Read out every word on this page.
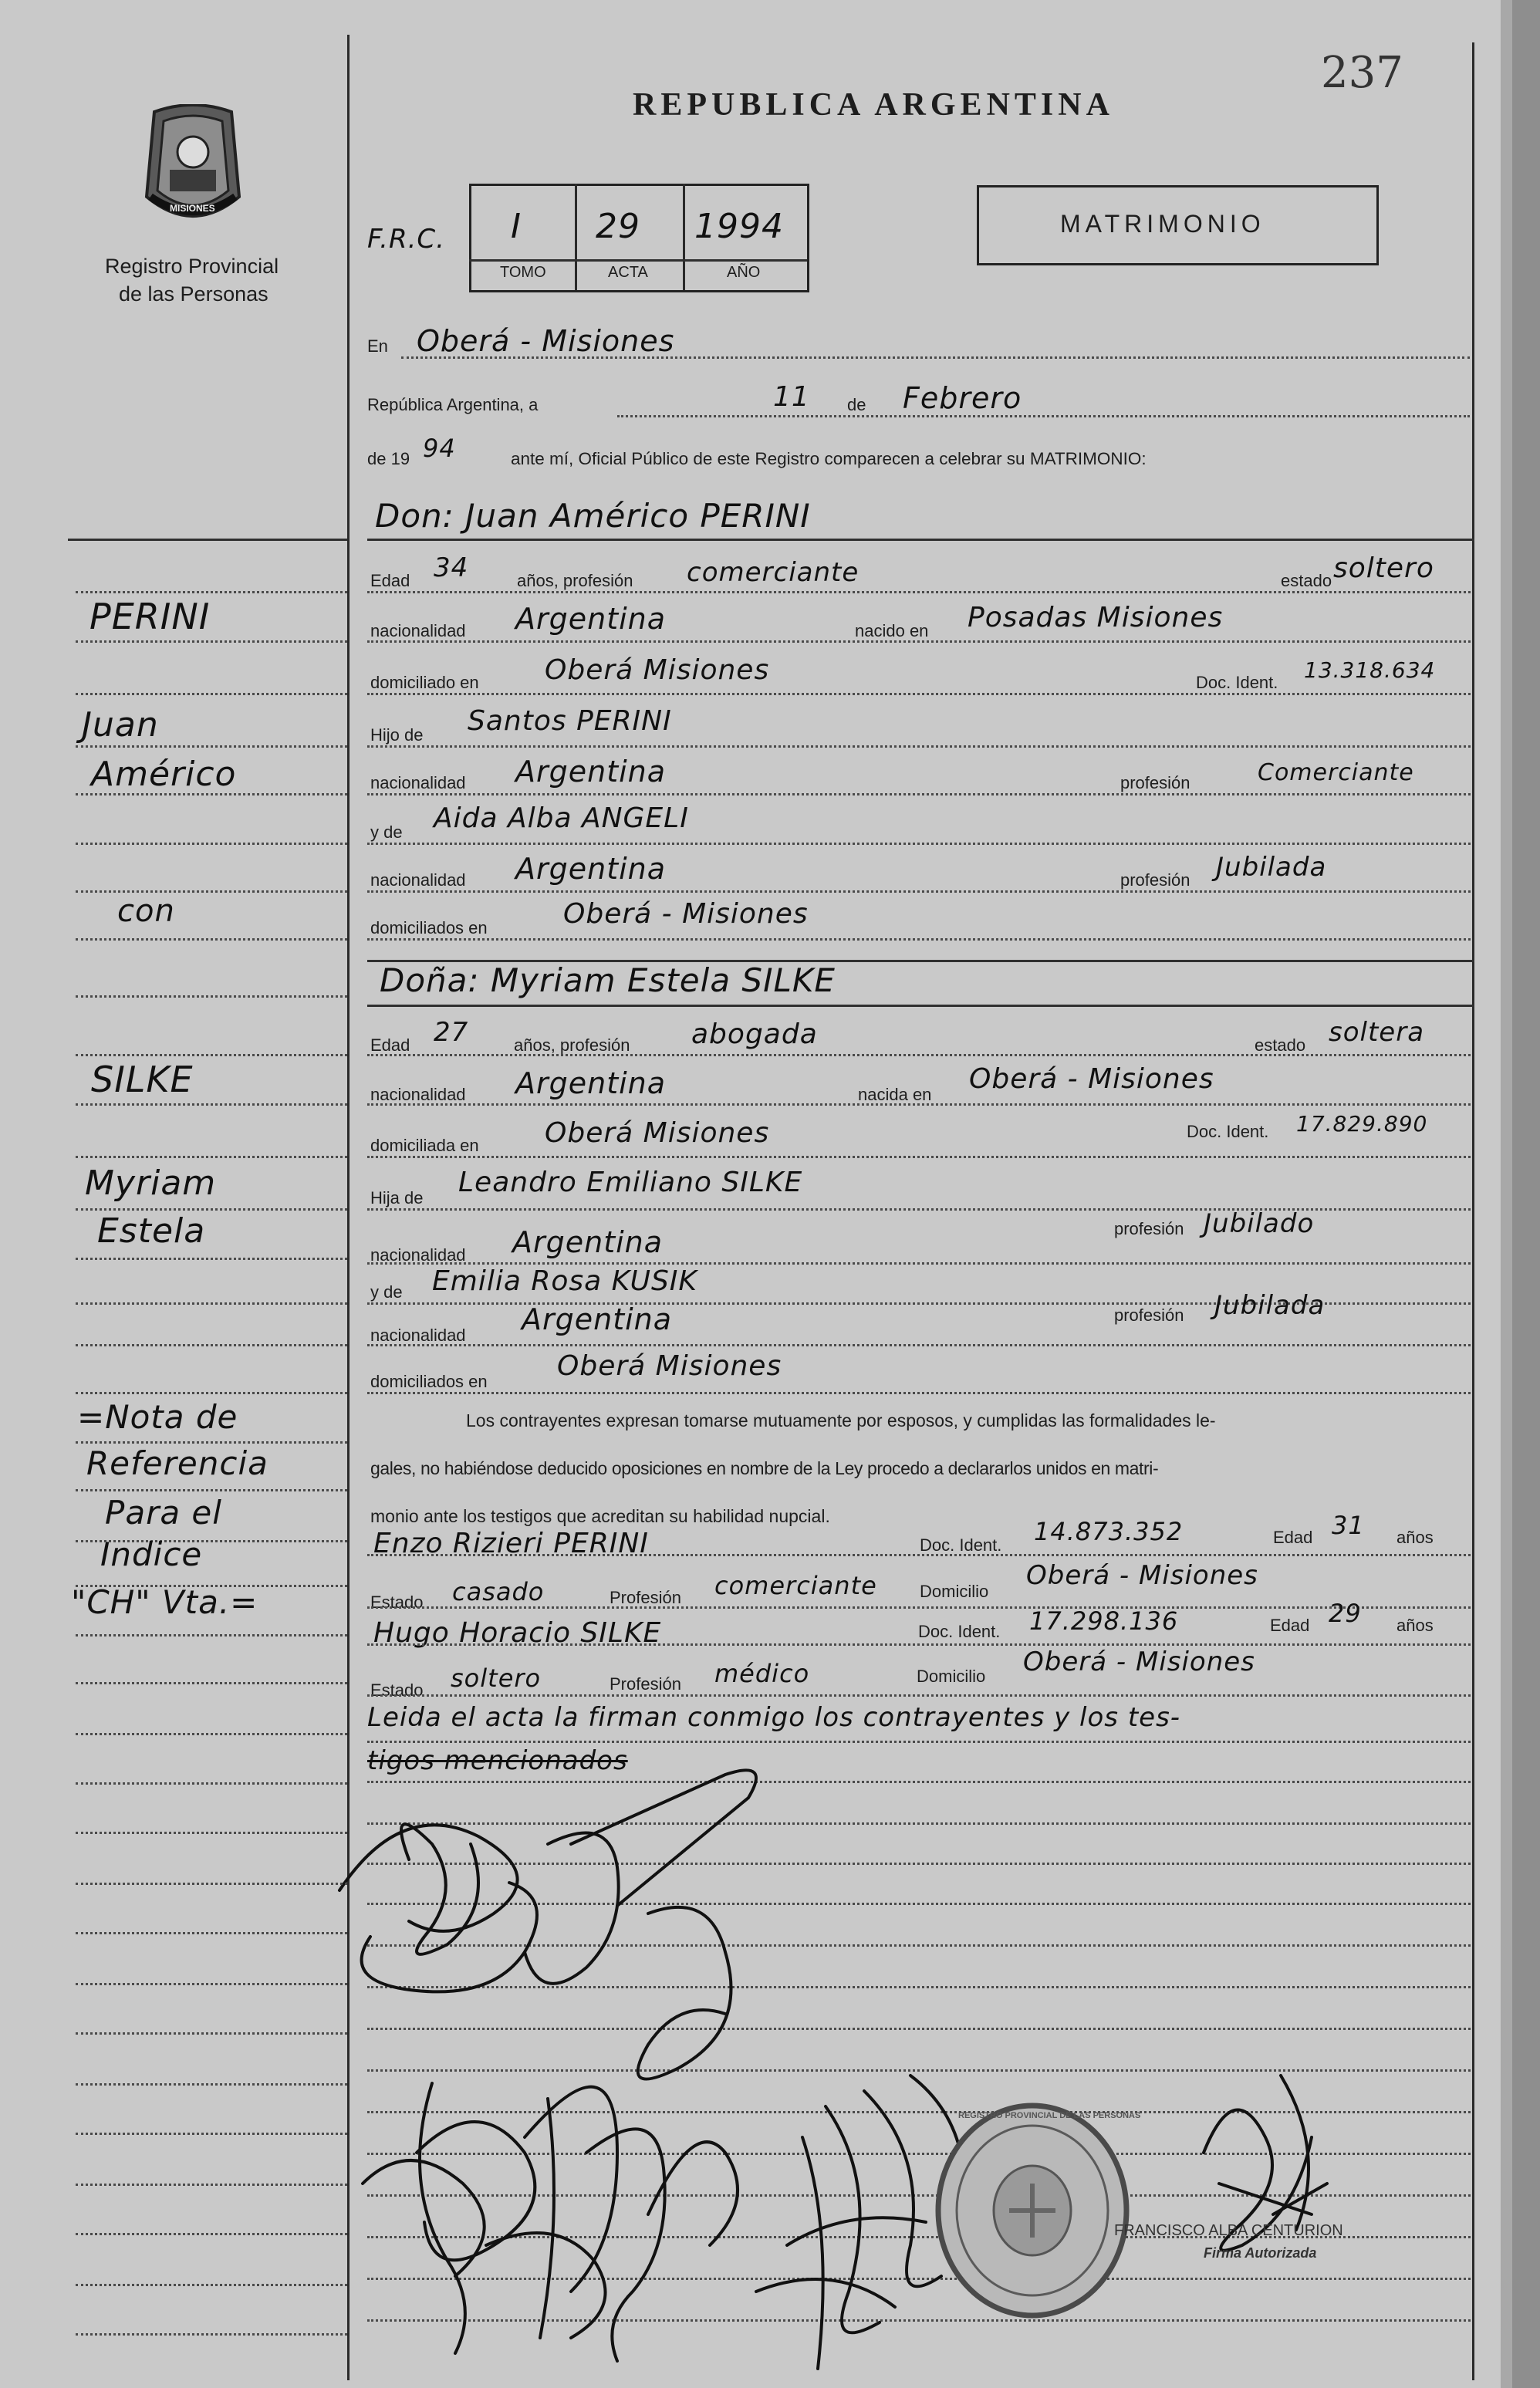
237
REPUBLICA ARGENTINA
MISIONES
Registro Provincial
de las Personas
F.R.C. I 29 1994
TOMO	ACTA	AÑO
MATRIMONIO
En Oberá - Misiones
República Argentina, a	11 de Febrero
de 19 94	ante mí, Oficial Público de este Registro comparecen a celebrar su MATRIMONIO:
Don: Juan Américo PERINI
Edad 34	años, profesión comerciante	estado soltero
nacionalidad Argentina	nacido en Posadas Misiones
domiciliado en Oberá Misiones	Doc. Ident. 13.318.634
Hijo de Santos PERINI
nacionalidad Argentina	profesión	Comerciante
y de Aida Alba ANGELI
nacionalidad Argentina	profesión Jubilada
domiciliados en	Oberá - Misiones
Doña: Myriam Estela SILKE
Edad 27	años, profesión abogada	estado soltera
nacionalidad Argentina	nacida en Oberá - Misiones
domiciliada en Oberá Misiones	Doc. Ident. 17.829.890
Hija de Leandro Emiliano SILKE
nacionalidad Argentina	profesión Jubilado
y de Emilia Rosa KUSIK
nacionalidad Argentina	profesión Jubilada
domiciliados en	Oberá Misiones
Los contrayentes expresan tomarse mutuamente por esposos, y cumplidas las formalidades le-
gales, no habiéndose deducido oposiciones en nombre de la Ley procedo a declararlos unidos en matri-
monio ante los testigos que acreditan su habilidad nupcial.
Enzo Rizieri PERINI	Doc. Ident. 14.873.352	Edad 31 años
Estado casado	Profesión comerciante	Domicilio
Oberá - Misiones
Hugo Horacio SILKE	Doc. Ident. 17.298.136	Edad 29 años
Estado soltero	Profesión médico	Domicilio Oberá - Misiones
Leida el acta la firman conmigo los contrayentes y los tes-
tigos mencionados
REGISTRO PROVINCIAL DE LAS PERSONAS
FRANCISCO ALBA CENTURION
Firma Autorizada
PERINI
Juan
Américo
con
SILKE
Myriam
Estela
=Nota de
Referencia
Para el
Indice
"CH" Vta.=
